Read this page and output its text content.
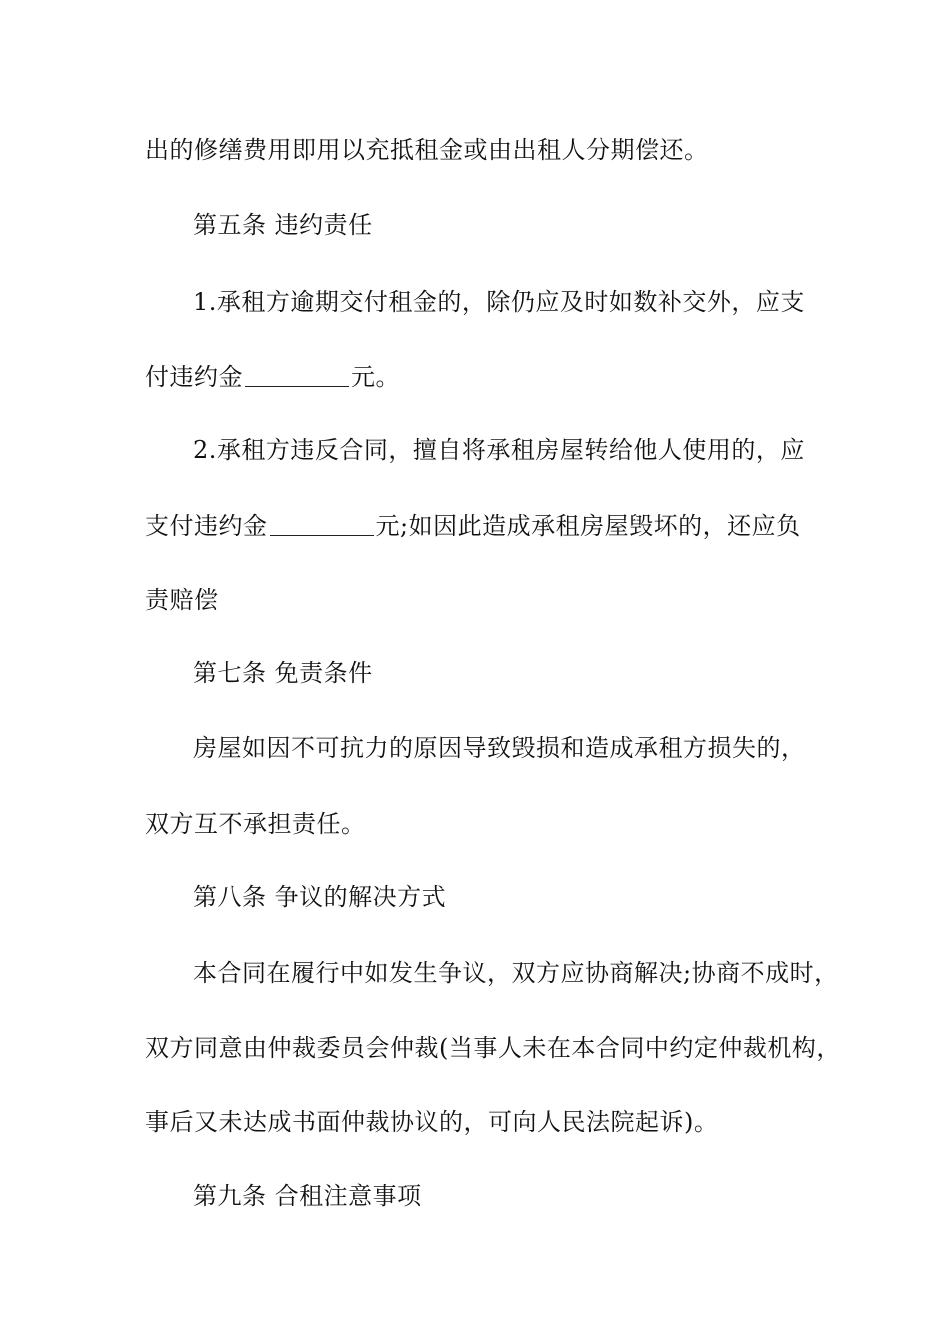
出的修缮费用即用以充抵租金或由出租人分期偿还。
第五条 违约责任
1.承租方逾期交付租金的，除仍应及时如数补交外，应支
付违约金	元。
2.承租方违反合同，擅自将承租房屋转给他人使用的，应
支付违约金	元;如因此造成承租房屋毁坏的，还应负
责赔偿
第七条 免责条件
房屋如因不可抗力的原因导致毁损和造成承租方损失的，
双方互不承担责任。
第八条 争议的解决方式
本合同在履行中如发生争议，双方应协商解决;协商不成时，
双方同意由仲裁委员会仲裁(当事人未在本合同中约定仲裁机构，
事后又未达成书面仲裁协议的，可向人民法院起诉)。
第九条 合租注意事项
